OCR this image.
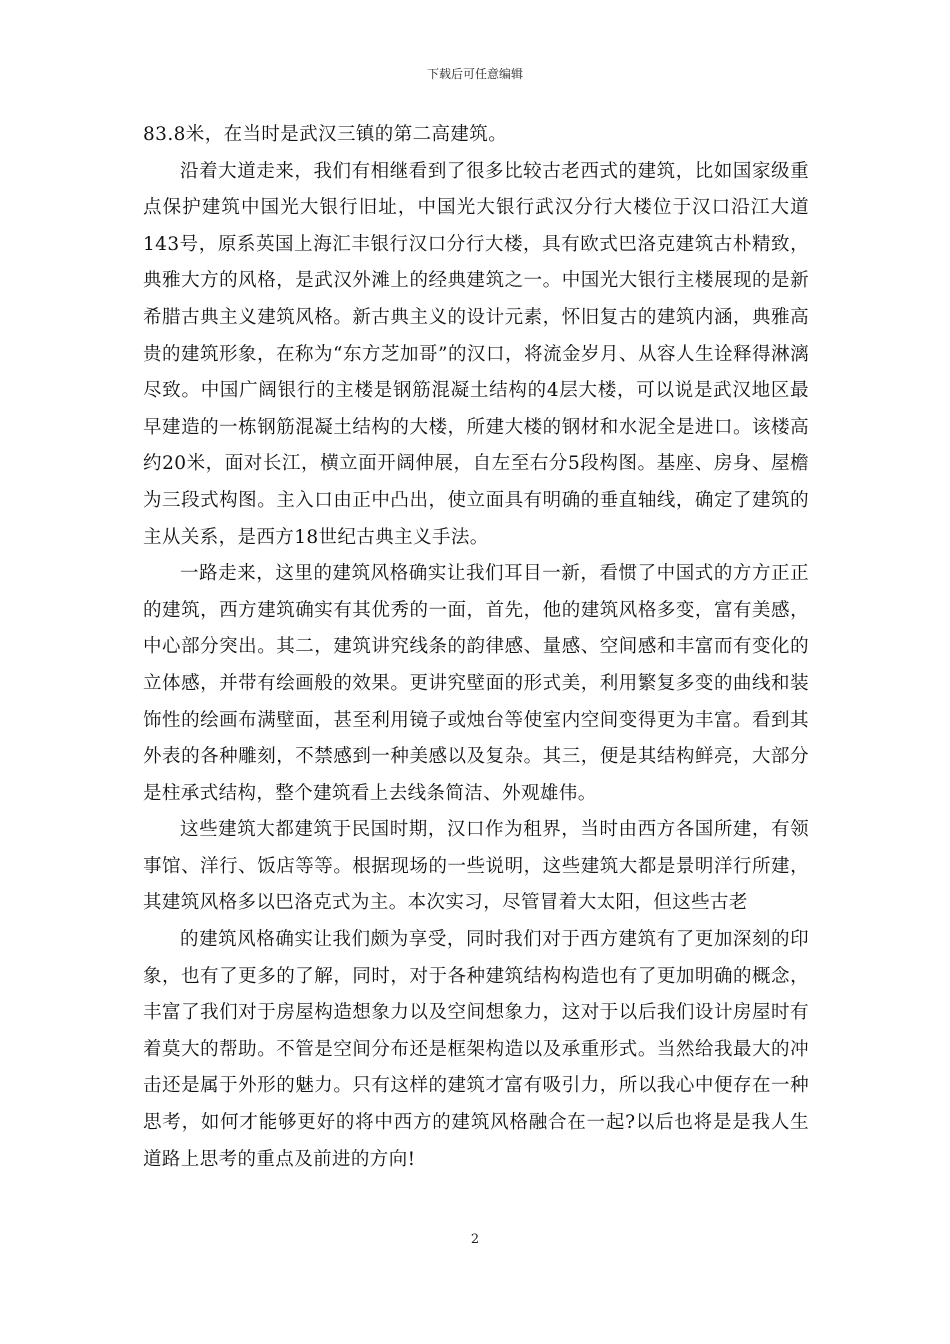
下载后可任意编辑

83.8米，在当时是武汉三镇的第二高建筑。

沿着大道走来，我们有相继看到了很多比较古老西式的建筑，比如国家级重点保护建筑中国光大银行旧址，中国光大银行武汉分行大楼位于汉口沿江大道143号，原系英国上海汇丰银行汉口分行大楼，具有欧式巴洛克建筑古朴精致，典雅大方的风格，是武汉外滩上的经典建筑之一。中国光大银行主楼展现的是新希腊古典主义建筑风格。新古典主义的设计元素，怀旧复古的建筑内涵，典雅高贵的建筑形象，在称为“东方芝加哥”的汉口，将流金岁月、从容人生诠释得淋漓尽致。中国广阔银行的主楼是钢筋混凝土结构的4层大楼，可以说是武汉地区最早建造的一栋钢筋混凝土结构的大楼，所建大楼的钢材和水泥全是进口。该楼高约20米，面对长江，横立面开阔伸展，自左至右分5段构图。基座、房身、屋檐为三段式构图。主入口由正中凸出，使立面具有明确的垂直轴线，确定了建筑的主从关系，是西方18世纪古典主义手法。

一路走来，这里的建筑风格确实让我们耳目一新，看惯了中国式的方方正正的建筑，西方建筑确实有其优秀的一面，首先，他的建筑风格多变，富有美感，中心部分突出。其二，建筑讲究线条的韵律感、量感、空间感和丰富而有变化的立体感，并带有绘画般的效果。更讲究壁面的形式美，利用繁复多变的曲线和装饰性的绘画布满壁面，甚至利用镜子或烛台等使室内空间变得更为丰富。看到其外表的各种雕刻，不禁感到一种美感以及复杂。其三，便是其结构鲜亮，大部分是柱承式结构，整个建筑看上去线条简洁、外观雄伟。

这些建筑大都建筑于民国时期，汉口作为租界，当时由西方各国所建，有领事馆、洋行、饭店等等。根据现场的一些说明，这些建筑大都是景明洋行所建，其建筑风格多以巴洛克式为主。本次实习，尽管冒着大太阳，但这些古老

的建筑风格确实让我们颇为享受，同时我们对于西方建筑有了更加深刻的印象，也有了更多的了解，同时，对于各种建筑结构构造也有了更加明确的概念，丰富了我们对于房屋构造想象力以及空间想象力，这对于以后我们设计房屋时有着莫大的帮助。不管是空间分布还是框架构造以及承重形式。当然给我最大的冲击还是属于外形的魅力。只有这样的建筑才富有吸引力，所以我心中便存在一种思考，如何才能够更好的将中西方的建筑风格融合在一起?以后也将是是我人生道路上思考的重点及前进的方向!

2
